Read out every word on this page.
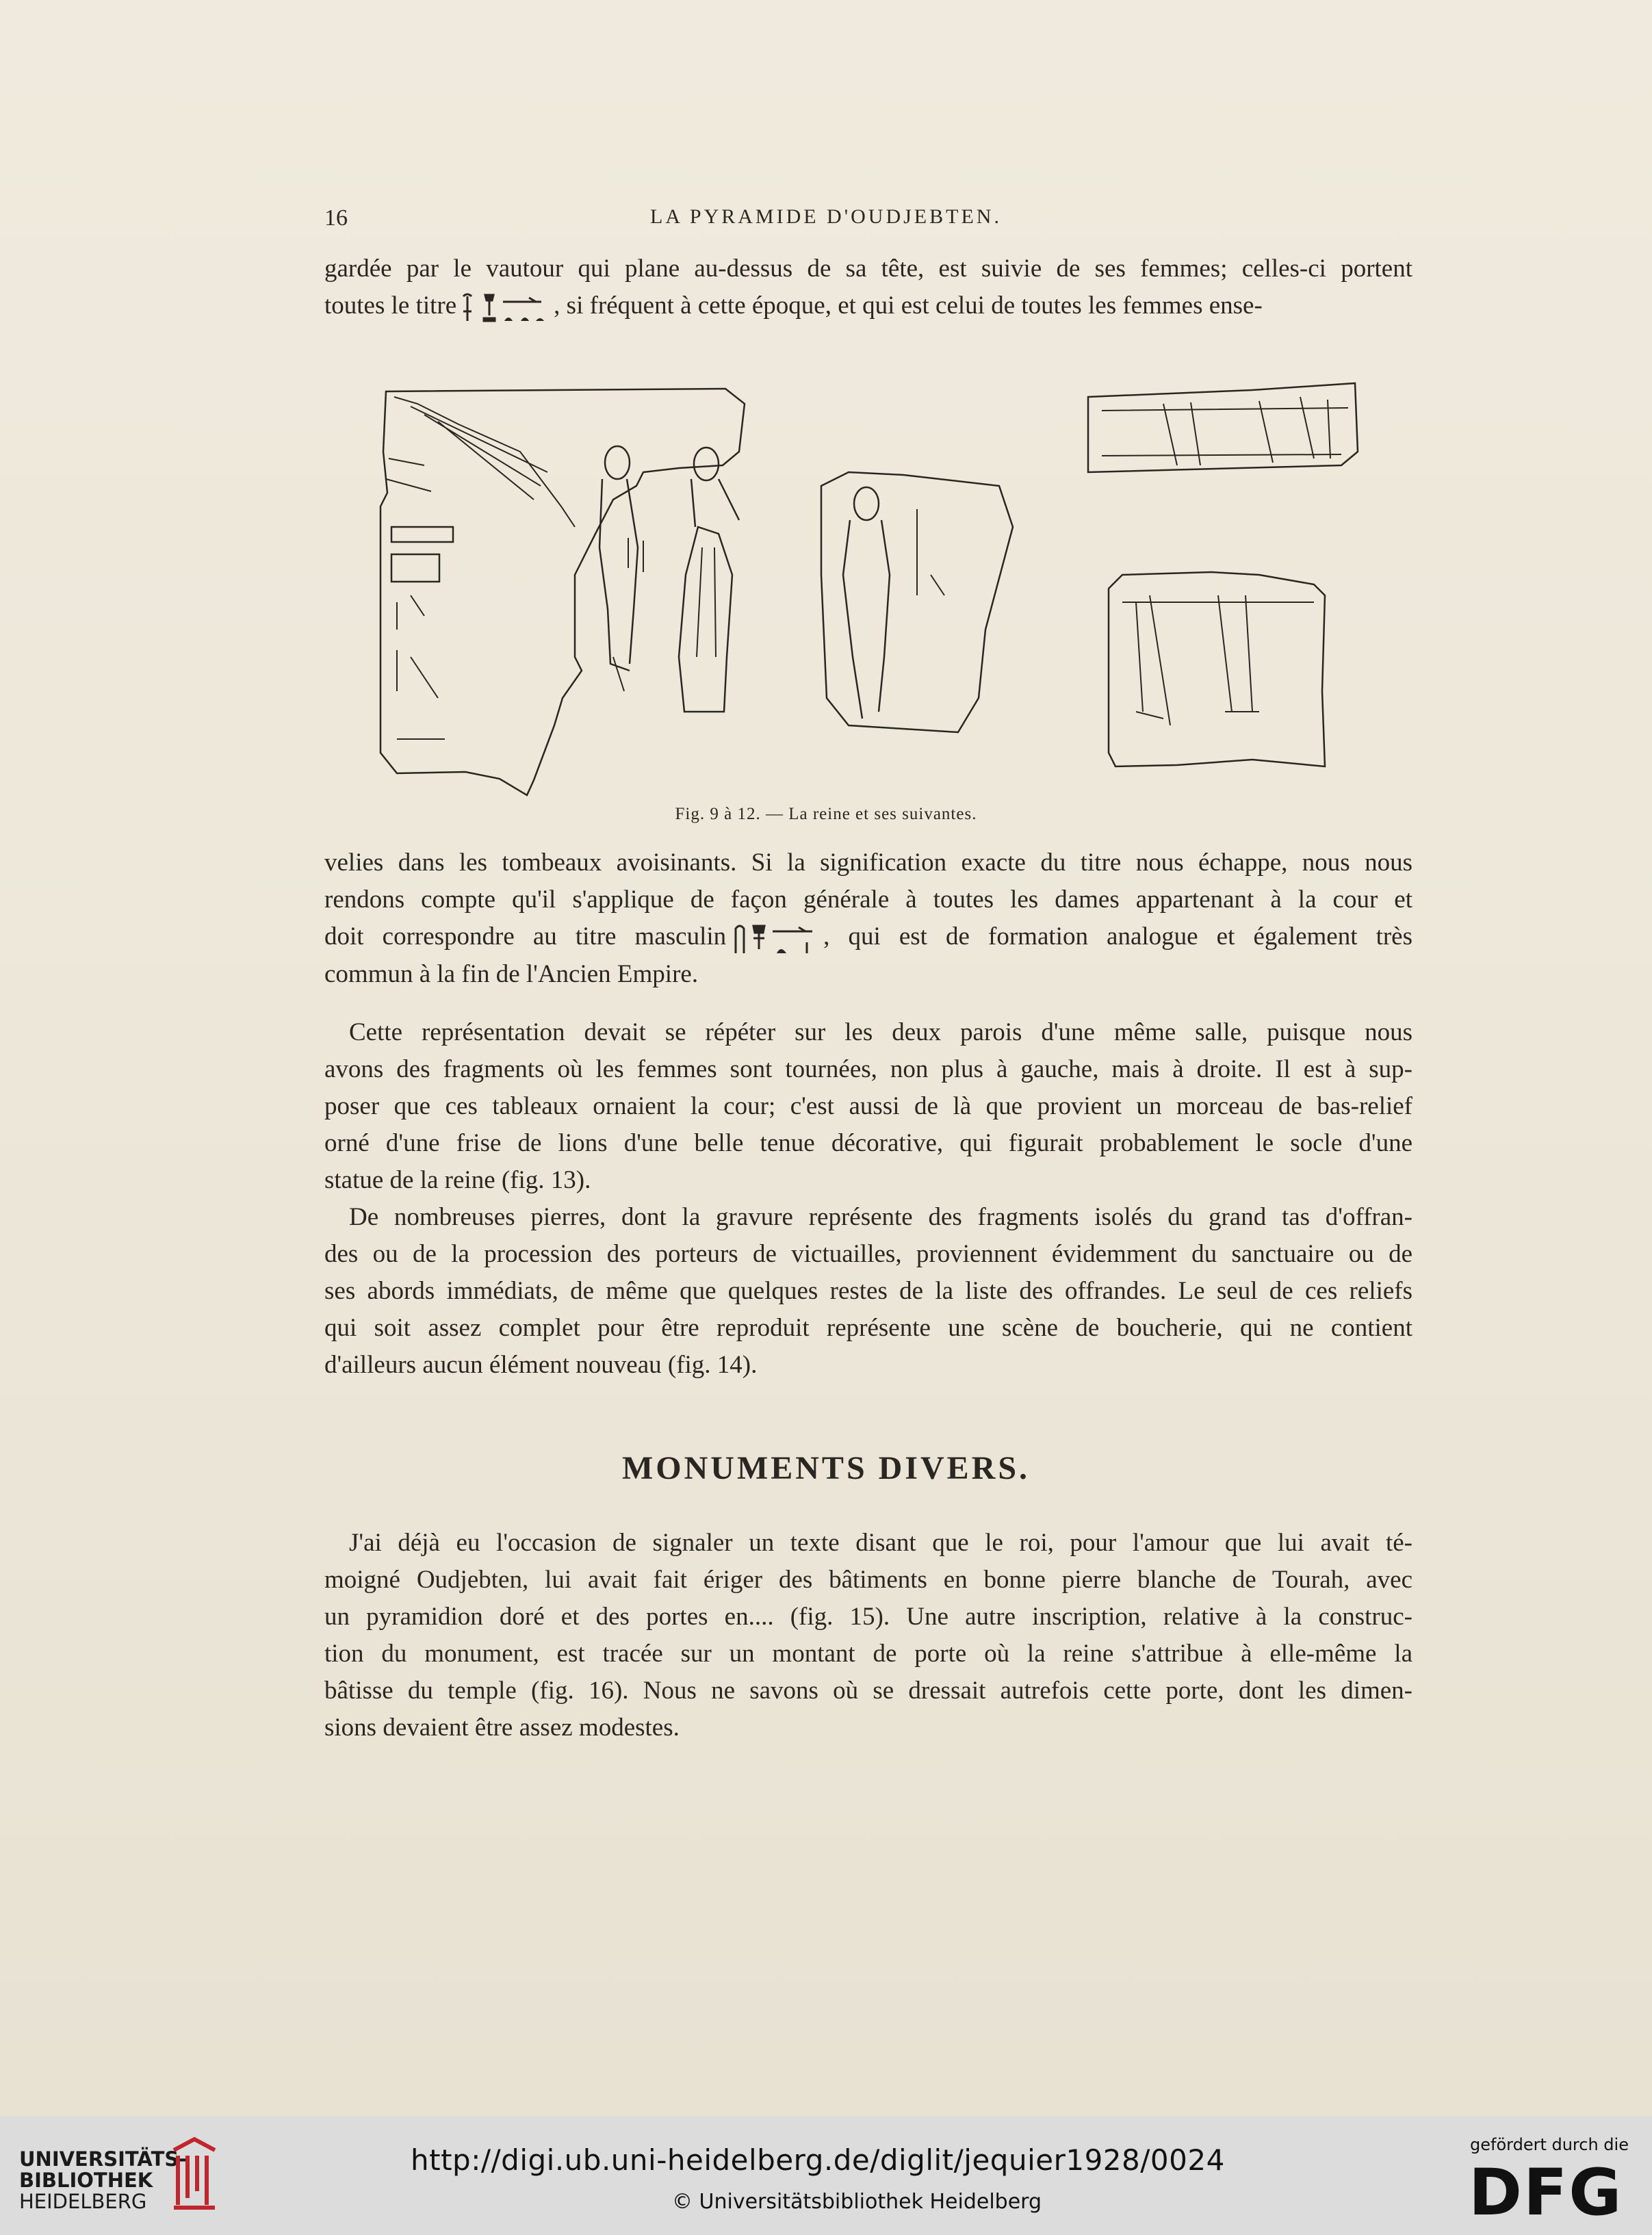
LA PYRAMIDE D'OUDJEBTEN.
16

gardée par le vautour qui plane au-dessus de sa tête, est suivie de ses femmes; celles-ci portent
toutes le titre	, si fréquent à cette époque, et qui est celui de toutes les femmes ense-

Fig. 9 à 12. — La reine et ses suivantes.

velies dans les tombeaux avoisinants. Si la signification exacte du titre nous échappe, nous nous
rendons compte qu'il s'applique de façon générale à toutes les dames appartenant à la cour et
doit correspondre au titre masculin	, qui est de formation analogue et également très
commun à la fin de l'Ancien Empire.

Cette représentation devait se répéter sur les deux parois d'une même salle, puisque nous
avons des fragments où les femmes sont tournées, non plus à gauche, mais à droite. Il est à sup-
poser que ces tableaux ornaient la cour; c'est aussi de là que provient un morceau de bas-relief
orné d'une frise de lions d'une belle tenue décorative, qui figurait probablement le socle d'une
statue de la reine (fig. 13).

De nombreuses pierres, dont la gravure représente des fragments isolés du grand tas d'offran-
des ou de la procession des porteurs de victuailles, proviennent évidemment du sanctuaire ou de
ses abords immédiats, de même que quelques restes de la liste des offrandes. Le seul de ces reliefs
qui soit assez complet pour être reproduit représente une scène de boucherie, qui ne contient
d'ailleurs aucun élément nouveau (fig. 14).

MONUMENTS DIVERS.

J'ai déjà eu l'occasion de signaler un texte disant que le roi, pour l'amour que lui avait té-
moigné Oudjebten, lui avait fait ériger des bâtiments en bonne pierre blanche de Tourah, avec
un pyramidion doré et des portes en.... (fig. 15). Une autre inscription, relative à la construc-
tion du monument, est tracée sur un montant de porte où la reine s'attribue à elle-même la
bâtisse du temple (fig. 16). Nous ne savons où se dressait autrefois cette porte, dont les dimen-
sions devaient être assez modestes.

UNIVERSITÄTS-
BIBLIOTHEK
HEIDELBERG
http://digi.ub.uni-heidelberg.de/diglit/jequier1928/0024
© Universitätsbibliothek Heidelberg
gefördert durch die
DFG
